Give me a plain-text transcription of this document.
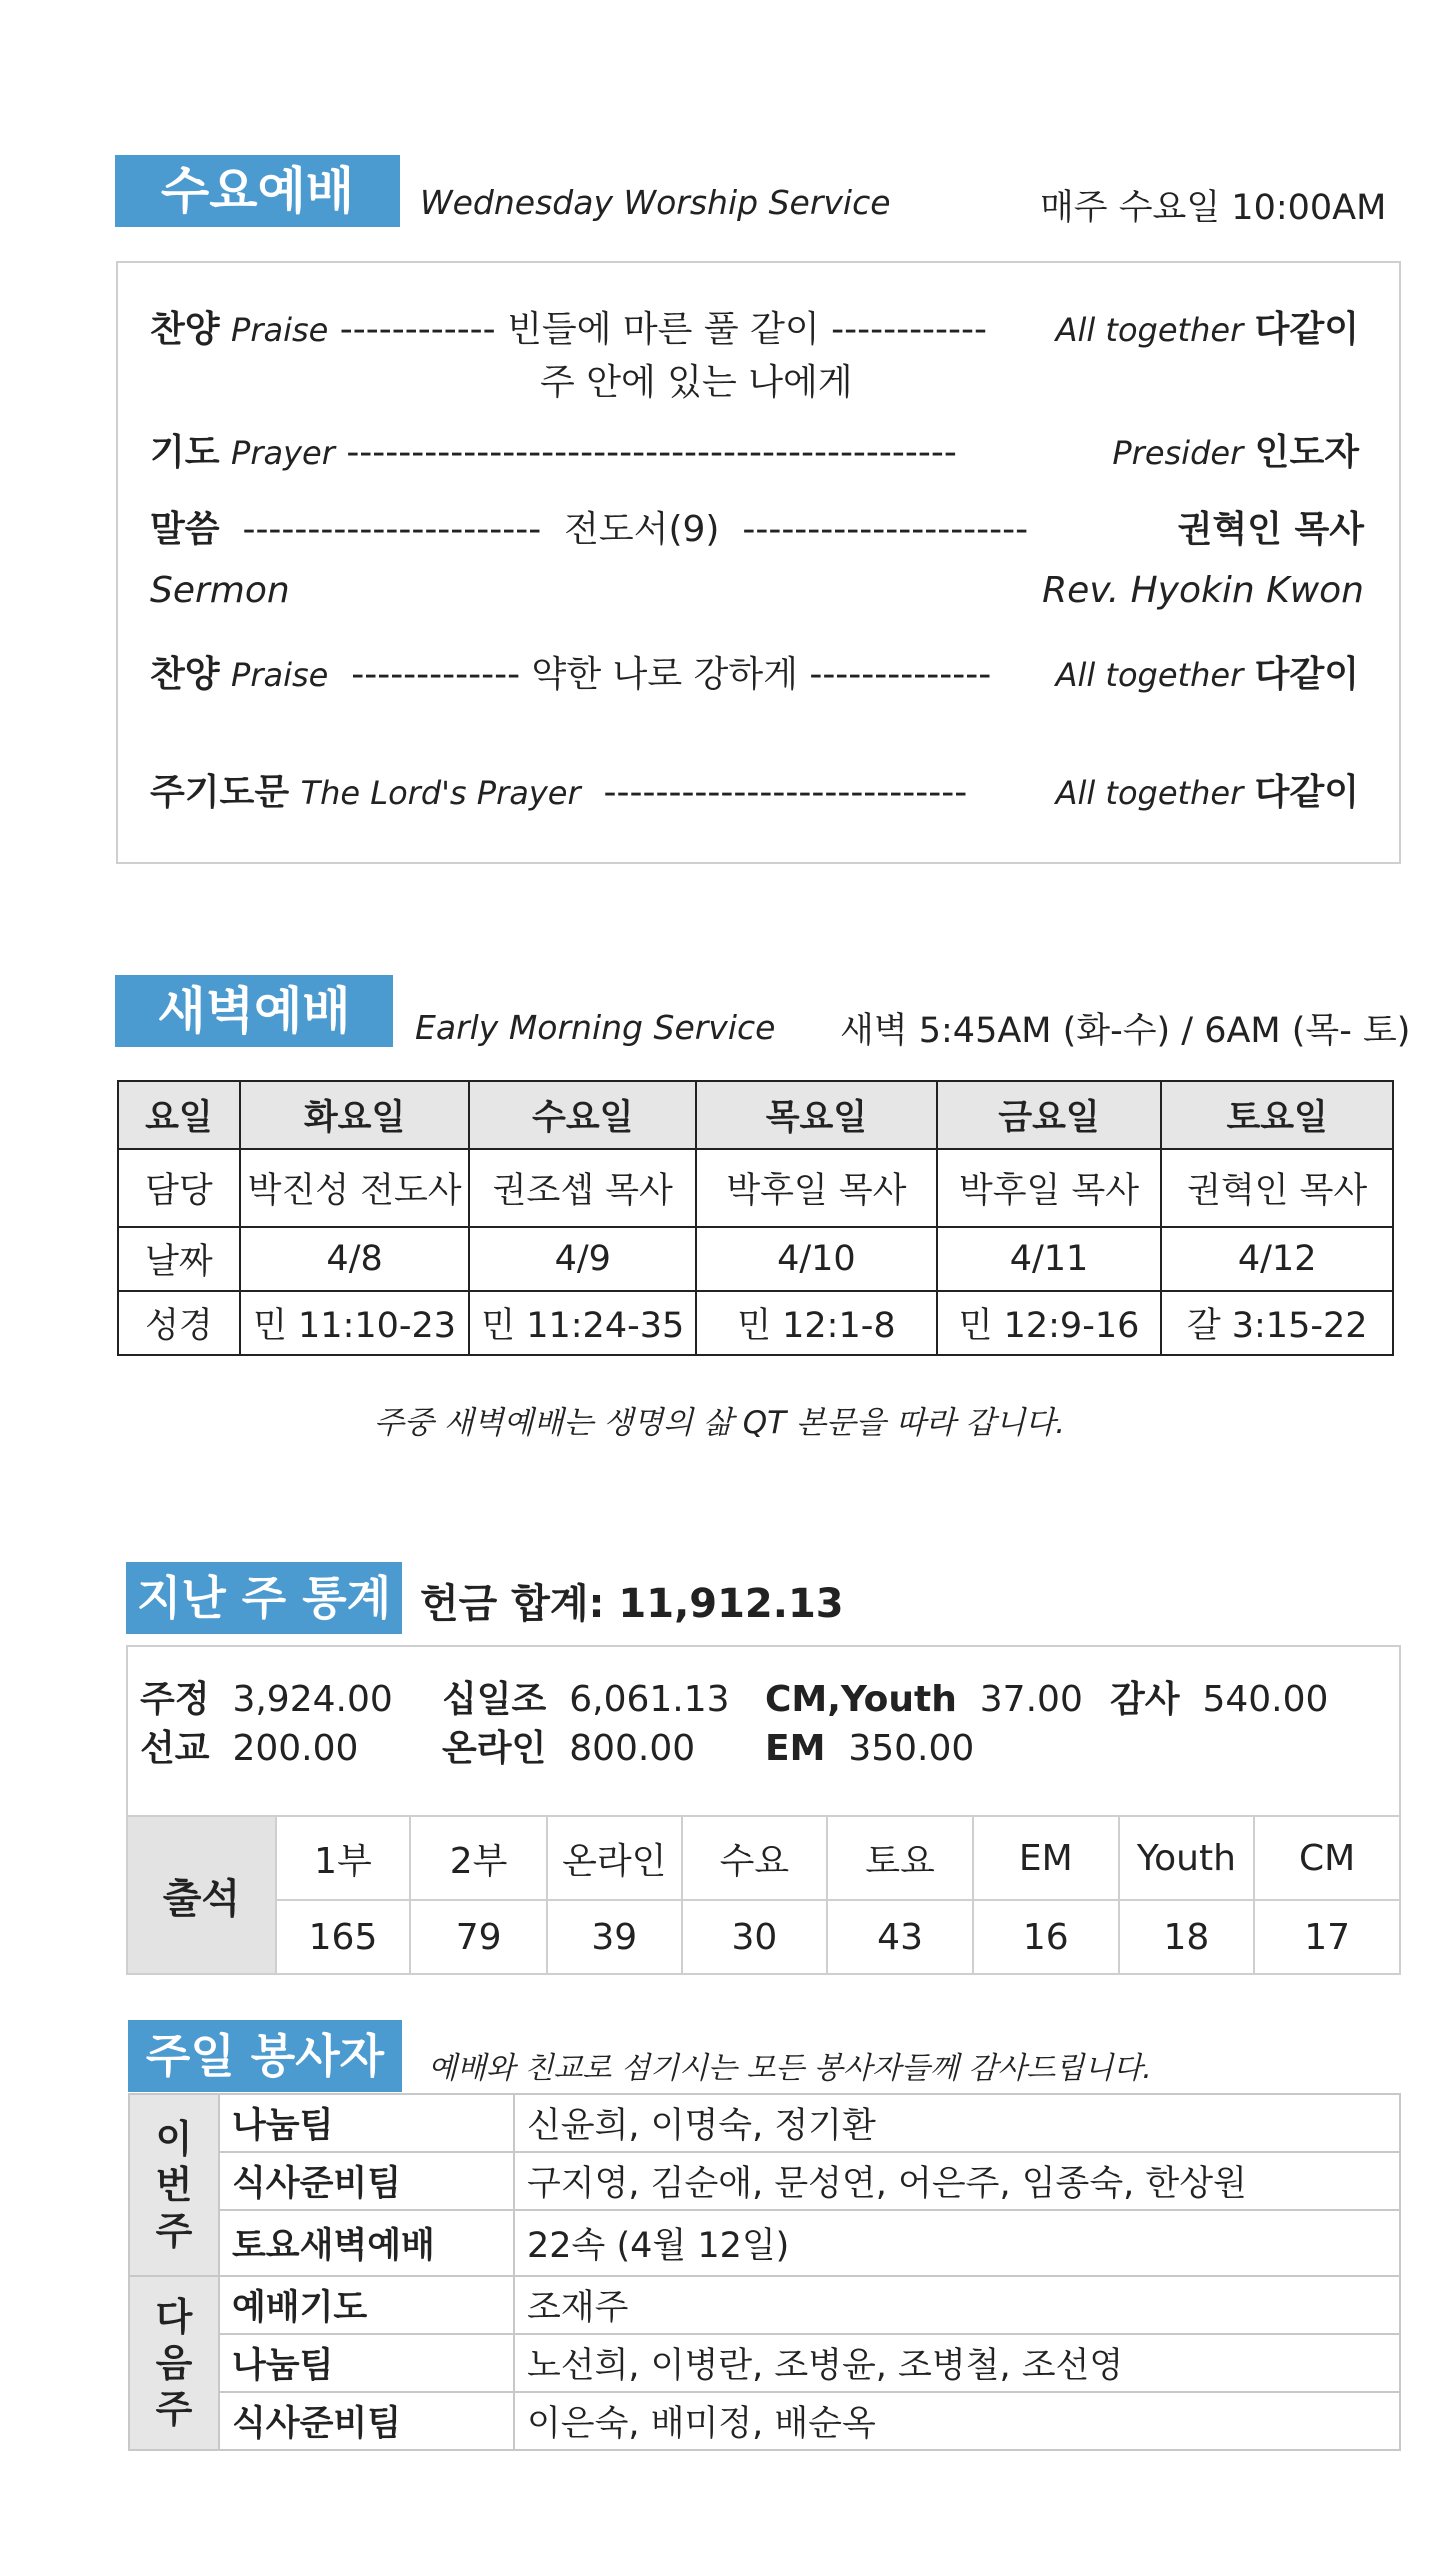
수요예배	Wednesday Worship Service	매주 수요일 10:00AM
찬양 Praise ------------ 빈들에 마른 풀 같이 ------------ All together 다같이
주 안에 있는 나에게
기도 Prayer -----------------------------------------------	Presider 인도자
말씀 ----------------------- 전도서(9) ----------------------	권혁인 목사
Sermon	Rev. Hyokin Kwon
찬양 Praise ------------- 약한 나로 강하게 -------------- All together 다같이
주기도문 The Lord's Prayer ----------------------------	All together 다같이
새벽예배	Early Morning Service 새벽 5:45AM (화-수) / 6AM (목- 토)
요일	화요일	수요일	목요일	금요일	토요일
담당	박진성 전도사	권조셉 목사	박후일 목사	박후일 목사	권혁인 목사
날짜	4/8	4/9	4/10	4/11	4/12
성경	민 11:10-23	민 11:24-35	민 12:1-8	민 12:9-16	갈 3:15-22
주중 새벽예배는 생명의 삶 QT 본문을 따라 갑니다.
지난 주 통계 헌금 합계: 11,912.13
주정 3,924.00 십일조 6,061.13 CM,Youth 37.00 감사 540.00
선교 200.00 온라인 800.00 EM 350.00
출석	1부	2부	온라인	수요	토요	EM	Youth	CM
	165	79	39	30	43	16	18	17
주일 봉사자	예배와 친교로 섬기시는 모든 봉사자들께 감사드립니다.
이번주	나눔팀	신윤희, 이명숙, 정기환
	식사준비팀	구지영, 김순애, 문성연, 어은주, 임종숙, 한상원
	토요새벽예배	22속 (4월 12일)
다음주	예배기도	조재주
	나눔팀	노선희, 이병란, 조병윤, 조병철, 조선영
	식사준비팀	이은숙, 배미정, 배순옥
